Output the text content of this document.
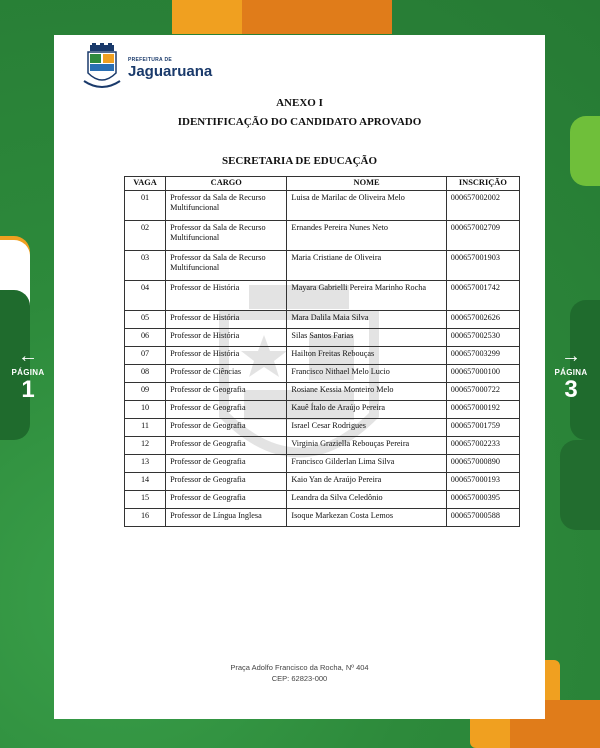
←
PÁGINA
1
→
PÁGINA
3
PREFEITURA DE
Jaguaruana
ANEXO I
IDENTIFICAÇÃO DO CANDIDATO APROVADO
SECRETARIA DE EDUCAÇÃO
VAGA	CARGO	NOME	INSCRIÇÃO
01	Professor da Sala de Recurso Multifuncional	Luisa de Marilac de Oliveira Melo	000657002002
02	Professor da Sala de Recurso Multifuncional	Ernandes Pereira Nunes Neto	000657002709
03	Professor da Sala de Recurso Multifuncional	Maria Cristiane de Oliveira	000657001903
04	Professor de História	Mayara Gabrielli Pereira Marinho Rocha	000657001742
05	Professor de História	Mara Dalila Maia Silva	000657002626
06	Professor de História	Silas Santos Farias	000657002530
07	Professor de História	Hailton Freitas Rebouças	000657003299
08	Professor de Ciências	Francisco Nithael Melo Lucio	000657000100
09	Professor de Geografia	Rosiane Kessia Monteiro Melo	000657000722
10	Professor de Geografia	Kauê Ítalo de Araújo Pereira	000657000192
11	Professor de Geografia	Israel Cesar Rodrigues	000657001759
12	Professor de Geografia	Virginia Graziella Rebouças Pereira	000657002233
13	Professor de Geografia	Francisco Gilderlan Lima Silva	000657000890
14	Professor de Geografia	Kaio Yan de Araújo Pereira	000657000193
15	Professor de Geografia	Leandra da Silva Celedônio	000657000395
16	Professor de Língua Inglesa	Isoque Markezan Costa Lemos	000657000588
Praça Adolfo Francisco da Rocha, Nº 404
CEP: 62823-000
